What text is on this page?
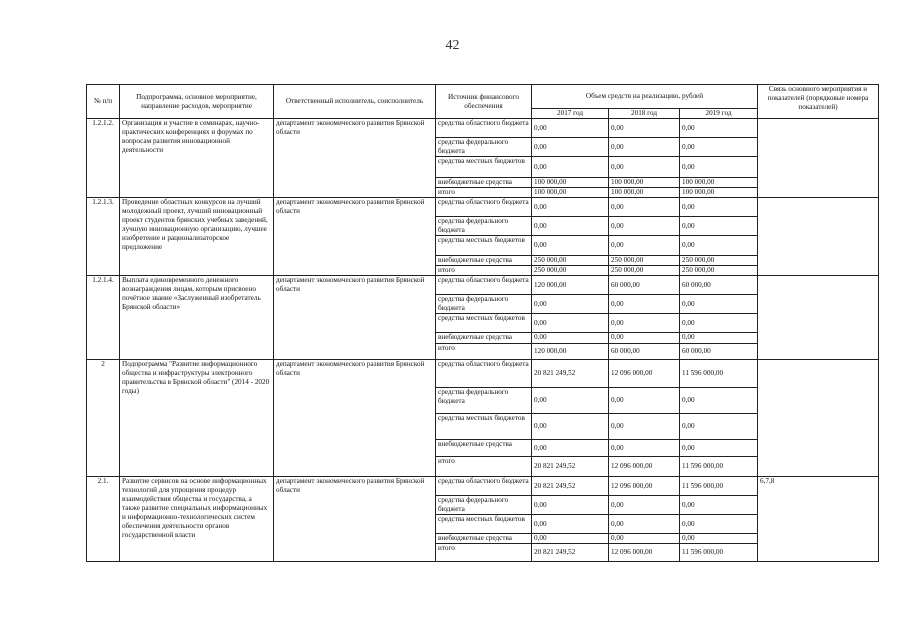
42
№ п/п	Подпрограмма, основное мероприятие, направление расходов, мероприятие	Ответственный исполнитель, соисполнитель	Источник финансового обеспечения	Объем средств на реализацию, рублей			Связь основного мероприятия и показателей (порядковые номера показателей)
				2017 год	2018 год	2019 год	
1.2.1.2.	Организация и участие в семинарах, научно-практических конференциях и форумах по вопросам развития инновационной деятельности	департамент экономического развития Брянской области	средства областного бюджета	0,00	0,00	0,00	
			средства федерального бюджета	0,00	0,00	0,00	
			средства местных бюджетов	0,00	0,00	0,00	
			внебюджетные средства	100 000,00	100 000,00	100 000,00	
			итого	100 000,00	100 000,00	100 000,00	
1.2.1.3.	Проведение областных конкурсов на лучший молодежный проект, лучший инновационный проект студентов брянских учебных заведений, лучшую инновационную организацию, лучшее изобретение и рационализаторское предложение	департамент экономического развития Брянской области	средства областного бюджета	0,00	0,00	0,00	
			средства федерального бюджета	0,00	0,00	0,00	
			средства местных бюджетов	0,00	0,00	0,00	
			внебюджетные средства	250 000,00	250 000,00	250 000,00	
			итого	250 000,00	250 000,00	250 000,00	
1.2.1.4.	Выплата единовременного денежного вознаграждения лицам, которым присвоено почётное звание «Заслуженный изобретатель Брянской области»	департамент экономического развития Брянской области	средства областного бюджета	120 000,00	60 000,00	60 000,00	
			средства федерального бюджета	0,00	0,00	0,00	
			средства местных бюджетов	0,00	0,00	0,00	
			внебюджетные средства	0,00	0,00	0,00	
			итого	120 000,00	60 000,00	60 000,00	
2	Подпрограмма "Развитие информационного общества и инфраструктуры электронного правительства в Брянской области" (2014 - 2020 годы)	департамент экономического развития Брянской области	средства областного бюджета	20 821 249,52	12 096 000,00	11 596 000,00	
			средства федерального бюджета	0,00	0,00	0,00	
			средства местных бюджетов	0,00	0,00	0,00	
			внебюджетные средства	0,00	0,00	0,00	
			итого	20 821 249,52	12 096 000,00	11 596 000,00	
2.1.	Развитие сервисов на основе информационных технологий для упрощения процедур взаимодействия общества и государства, а также развитие специальных информационных и информационно-технологических систем обеспечения деятельности органов государственной власти	департамент экономического развития Брянской области	средства областного бюджета	20 821 249,52	12 096 000,00	11 596 000,00	6,7,8
			средства федерального бюджета	0,00	0,00	0,00	
			средства местных бюджетов	0,00	0,00	0,00	
			внебюджетные средства	0,00	0,00	0,00	
			итого	20 821 249,52	12 096 000,00	11 596 000,00	
